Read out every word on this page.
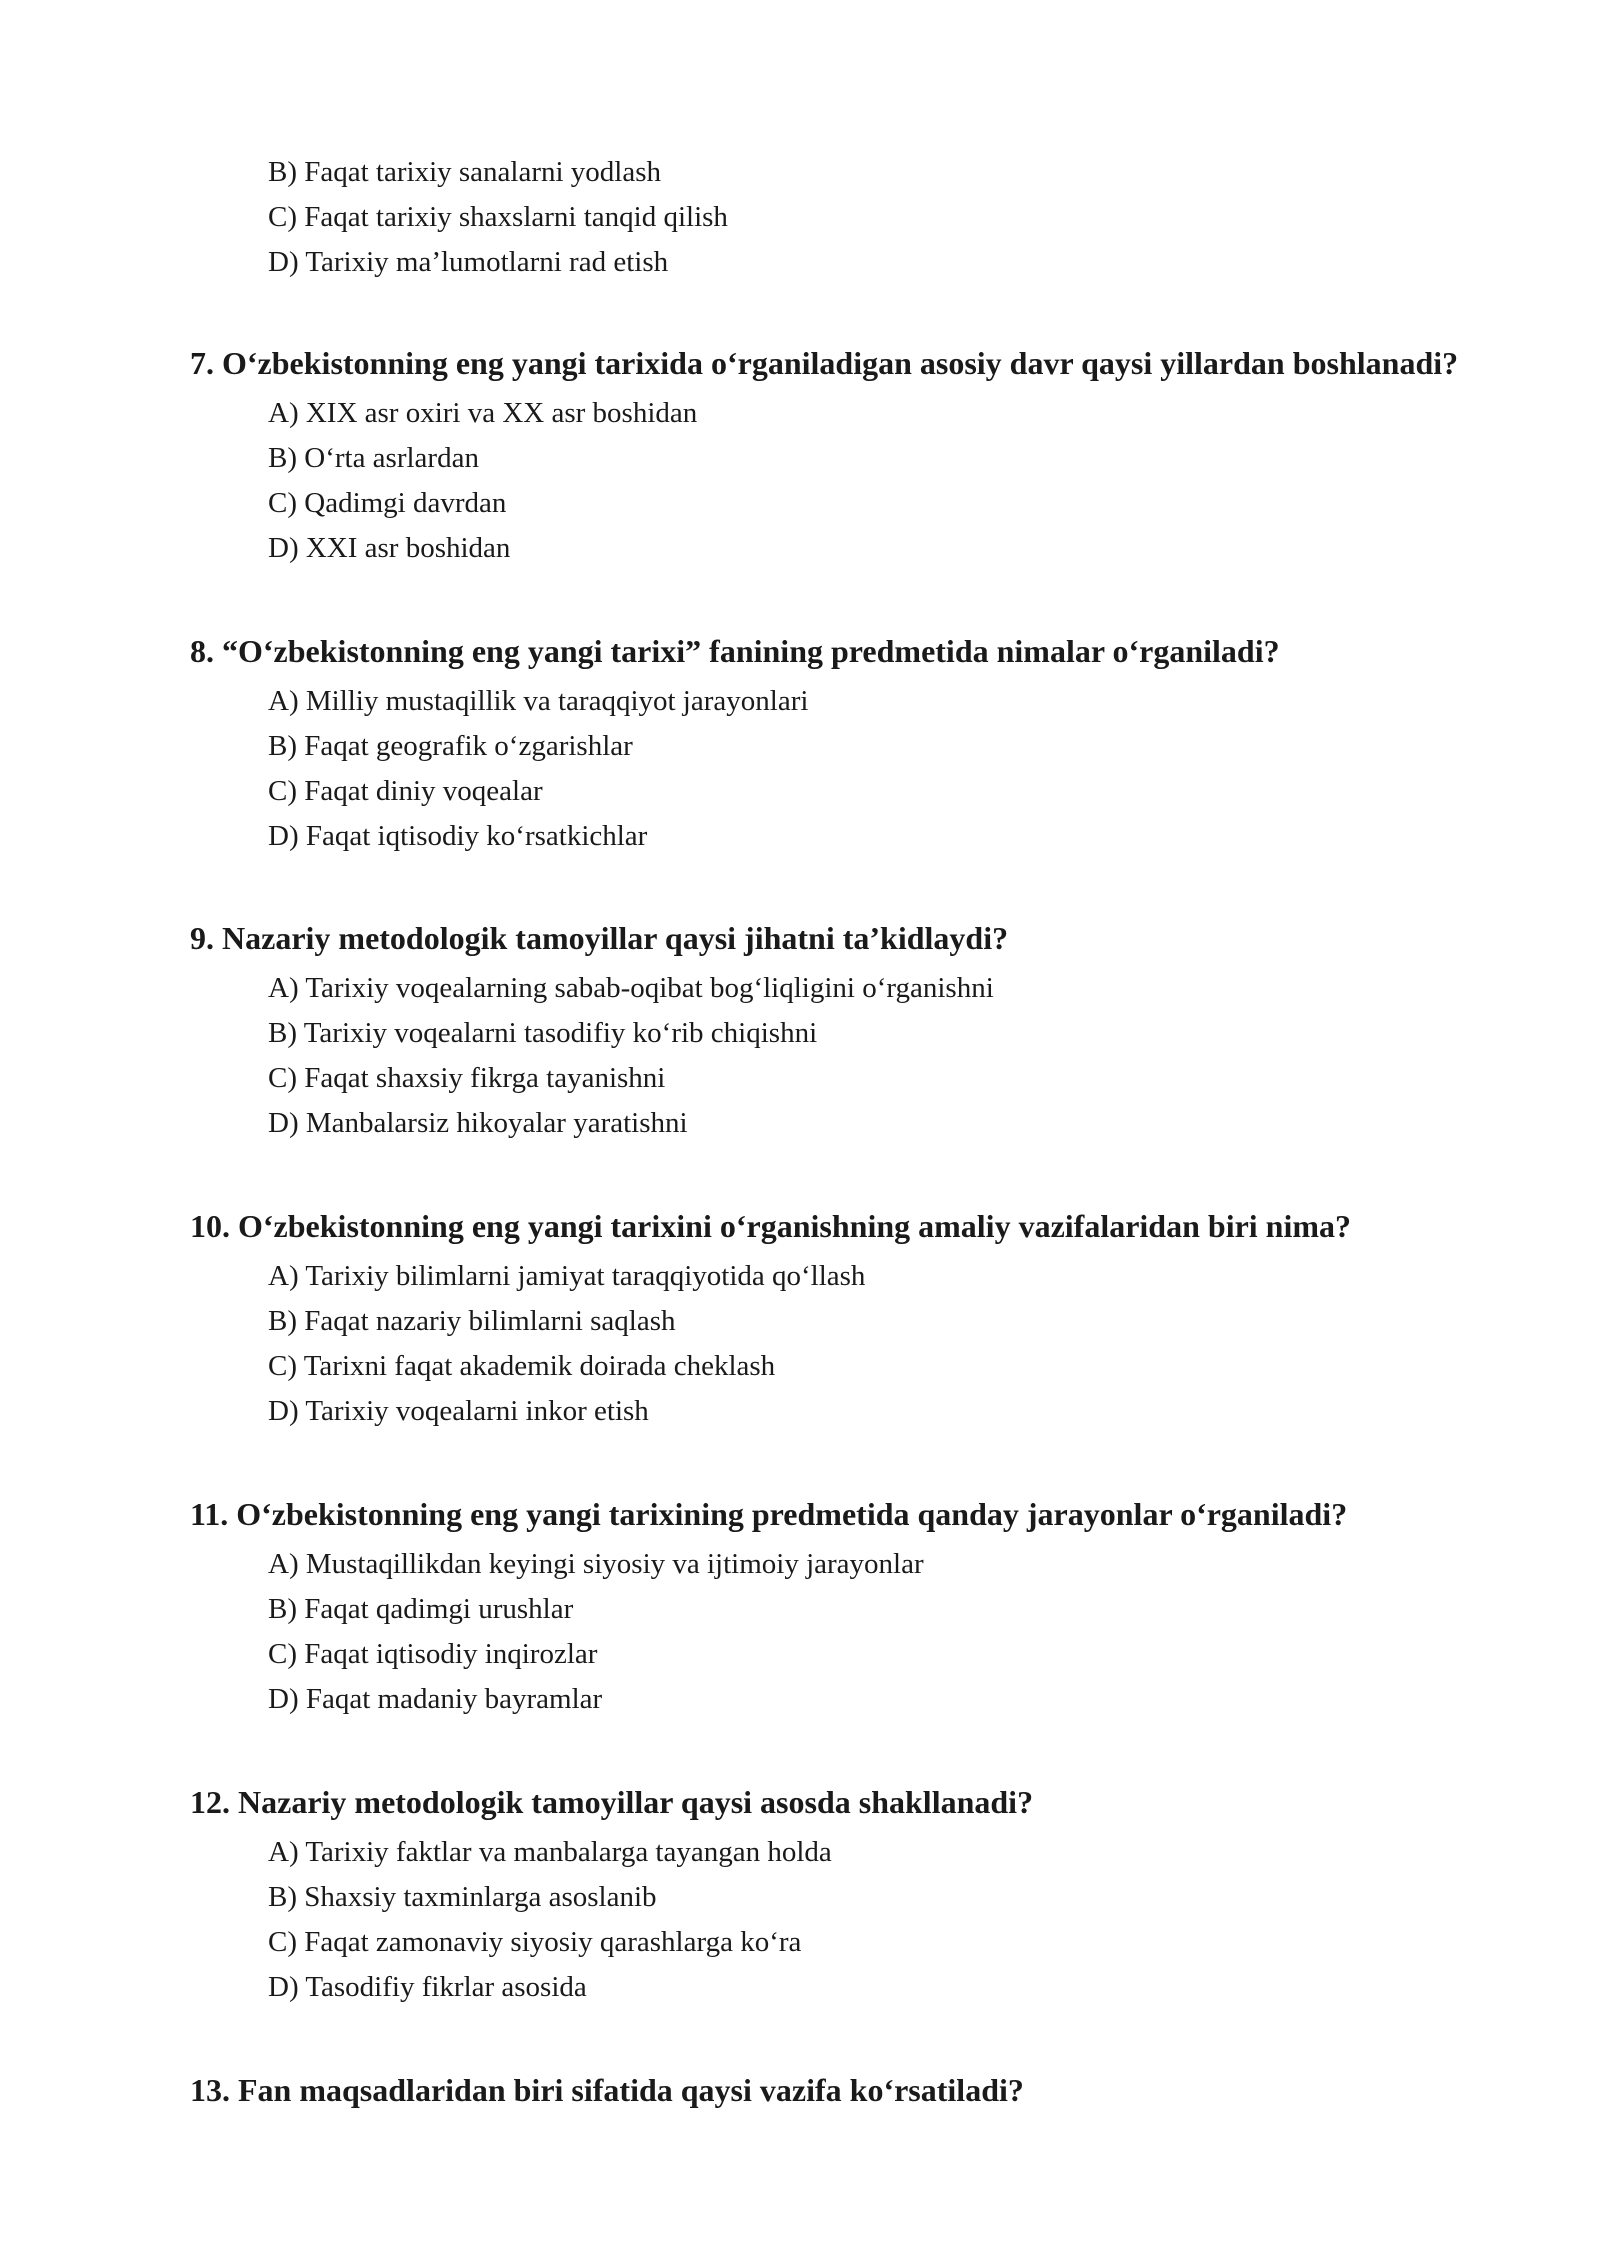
B) Faqat tarixiy sanalarni yodlash

C) Faqat tarixiy shaxslarni tanqid qilish

D) Tarixiy ma’lumotlarni rad etish

7. O‘zbekistonning eng yangi tarixida o‘rganiladigan asosiy davr qaysi yillardan boshlanadi?

A) XIX asr oxiri va XX asr boshidan

B) O‘rta asrlardan

C) Qadimgi davrdan

D) XXI asr boshidan

8. “O‘zbekistonning eng yangi tarixi” fanining predmetida nimalar o‘rganiladi?

A) Milliy mustaqillik va taraqqiyot jarayonlari

B) Faqat geografik o‘zgarishlar

C) Faqat diniy voqealar

D) Faqat iqtisodiy ko‘rsatkichlar

9. Nazariy metodologik tamoyillar qaysi jihatni ta’kidlaydi?

A) Tarixiy voqealarning sabab-oqibat bog‘liqligini o‘rganishni

B) Tarixiy voqealarni tasodifiy ko‘rib chiqishni

C) Faqat shaxsiy fikrga tayanishni

D) Manbalarsiz hikoyalar yaratishni

10. O‘zbekistonning eng yangi tarixini o‘rganishning amaliy vazifalaridan biri nima?

A) Tarixiy bilimlarni jamiyat taraqqiyotida qo‘llash

B) Faqat nazariy bilimlarni saqlash

C) Tarixni faqat akademik doirada cheklash

D) Tarixiy voqealarni inkor etish

11. O‘zbekistonning eng yangi tarixining predmetida qanday jarayonlar o‘rganiladi?

A) Mustaqillikdan keyingi siyosiy va ijtimoiy jarayonlar

B) Faqat qadimgi urushlar

C) Faqat iqtisodiy inqirozlar

D) Faqat madaniy bayramlar

12. Nazariy metodologik tamoyillar qaysi asosda shakllanadi?

A) Tarixiy faktlar va manbalarga tayangan holda

B) Shaxsiy taxminlarga asoslanib

C) Faqat zamonaviy siyosiy qarashlarga ko‘ra

D) Tasodifiy fikrlar asosida

13. Fan maqsadlaridan biri sifatida qaysi vazifa ko‘rsatiladi?
